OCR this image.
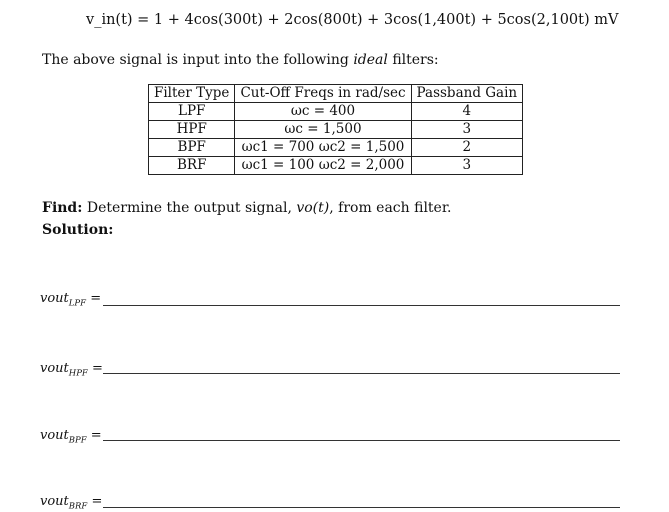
v_in(t) = 1 + 4cos(300t) + 2cos(800t) + 3cos(1,400t) + 5cos(2,100t) mV
The above signal is input into the following ideal filters:
Filter Type	Cut-Off Freqs in rad/sec	Passband Gain
LPF	ωc = 400	4
HPF	ωc = 1,500	3
BPF	ωc1 = 700 ωc2 = 1,500	2
BRF	ωc1 = 100 ωc2 = 2,000	3
Find: Determine the output signal, vo(t), from each filter.
Solution:
vout$_{LPF}$ =
vout$_{HPF}$ =
vout$_{BPF}$ =
vout$_{BRF}$ =
